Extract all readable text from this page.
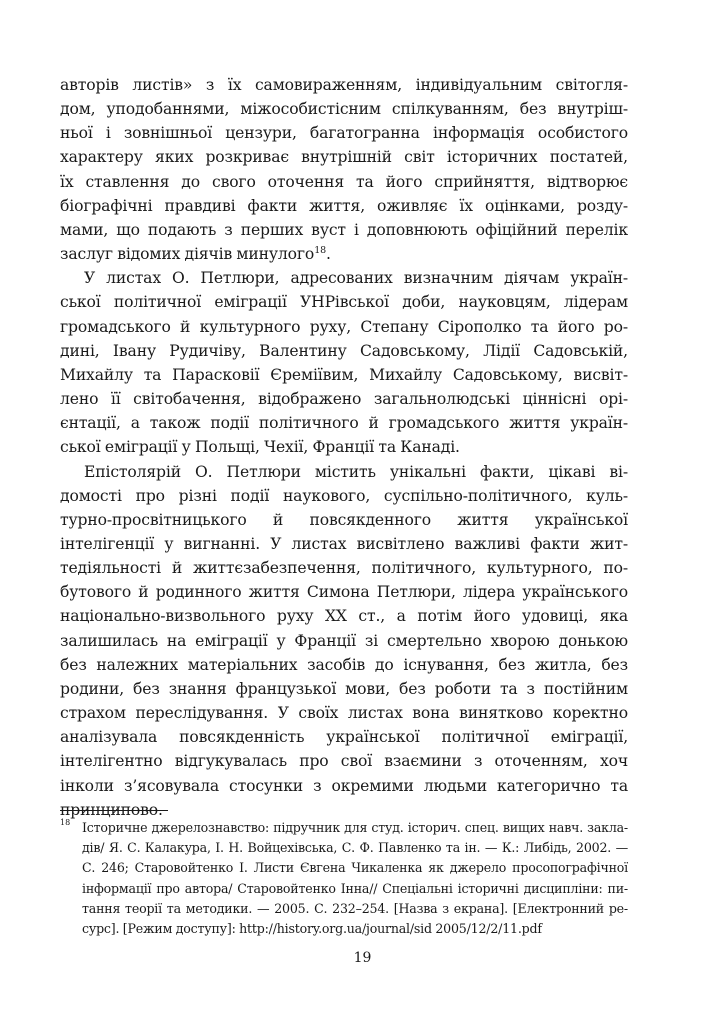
авторів листів» з їх самовираженням, індивідуальним світогля-

дом, уподобаннями, міжособистісним спілкуванням, без внутріш-

ньої і зовнішньої цензури, багатогранна інформація особистого

характеру яких розкриває внутрішній світ історичних постатей,

їх ставлення до свого оточення та його сприйняття, відтворює

біографічні правдиві факти життя, оживляє їх оцінками, розду-

мами, що подають з перших вуст і доповнюють офіційний перелік

заслуг відомих діячів минулого$^{18}$.

У листах О. Петлюри, адресованих визначним діячам україн-

ської політичної еміграції УНРівської доби, науковцям, лідерам

громадського й культурного руху, Степану Сірополко та його ро-

дині, Івану Рудичіву, Валентину Садовському, Лідії Садовській,

Михайлу та Парасковії Єреміївим, Михайлу Садовському, висвіт-

лено її світобачення, відображено загальнолюдські ціннісні орі-

єнтації, а також події політичного й громадського життя україн-

ської еміграції у Польщі, Чехії, Франції та Канаді.

Епістолярій О. Петлюри містить унікальні факти, цікаві ві-

домості про різні події наукового, суспільно-політичного, куль-

турно-просвітницького й повсякденного життя української

інтелігенції у вигнанні. У листах висвітлено важливі факти жит-

тедіяльності й життєзабезпечення, політичного, культурного, по-

бутового й родинного життя Симона Петлюри, лідера українського

національно-визвольного руху XX ст., а потім його удовиці, яка

залишилась на еміграції у Франції зі смертельно хворою донькою

без належних матеріальних засобів до існування, без житла, без

родини, без знання французької мови, без роботи та з постійним

страхом переслідування. У своїх листах вона винятково коректно

аналізувала повсякденність української політичної еміграції,

інтелігентно відгукувалась про свої взаємини з оточенням, хоч

інколи з’ясовувала стосунки з окремими людьми категорично та

принципово.

18 Історичне джерелознавство: підручник для студ. історич. спец. вищих навч. закла-

дів/ Я. С. Калакура, І. Н. Войцехівська, С. Ф. Павленко та ін. — К.: Либідь, 2002. —

С. 246; Старовойтенко І. Листи Євгена Чикаленка як джерело просопографічної

інформації про автора/ Старовойтенко Інна// Спеціальні історичні дисципліни: пи-

тання теорії та методики. — 2005. С. 232–254. [Назва з екрана]. [Електронний ре-

сурс]. [Режим доступу]: http://history.org.ua/journal/sid 2005/12/2/11.pdf

19
